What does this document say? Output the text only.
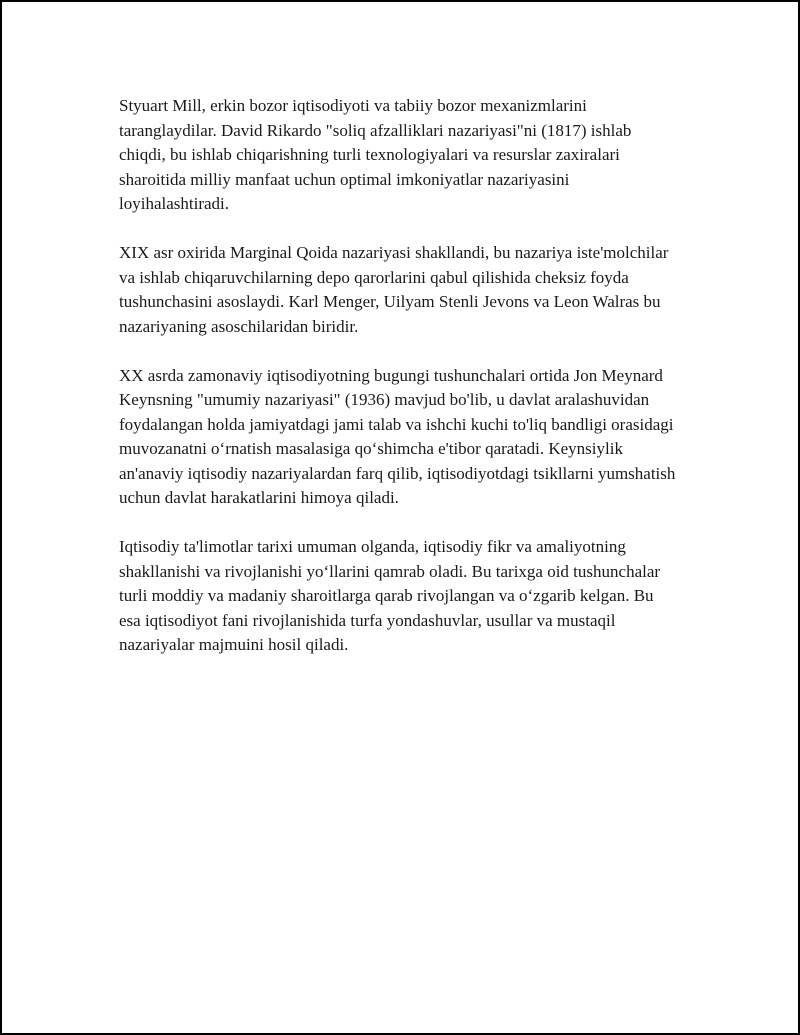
Styuart Mill, erkin bozor iqtisodiyoti va tabiiy bozor mexanizmlarini taranglaydilar. David Rikardo "soliq afzalliklari nazariyasi"ni (1817) ishlab chiqdi, bu ishlab chiqarishning turli texnologiyalari va resurslar zaxiralari sharoitida milliy manfaat uchun optimal imkoniyatlar nazariyasini loyihalashtiradi.

XIX asr oxirida Marginal Qoida nazariyasi shakllandi, bu nazariya iste'molchilar va ishlab chiqaruvchilarning depo qarorlarini qabul qilishida cheksiz foyda tushunchasini asoslaydi. Karl Menger, Uilyam Stenli Jevons va Leon Walras bu nazariyaning asoschilaridan biridir.

XX asrda zamonaviy iqtisodiyotning bugungi tushunchalari ortida Jon Meynard Keynsning "umumiy nazariyasi" (1936) mavjud bo'lib, u davlat aralashuvidan foydalangan holda jamiyatdagi jami talab va ishchi kuchi to'liq bandligi orasidagi muvozanatni o‘rnatish masalasiga qo‘shimcha e'tibor qaratadi. Keynsiylik an'anaviy iqtisodiy nazariyalardan farq qilib, iqtisodiyotdagi tsikllarni yumshatish uchun davlat harakatlarini himoya qiladi.

Iqtisodiy ta'limotlar tarixi umuman olganda, iqtisodiy fikr va amaliyotning shakllanishi va rivojlanishi yo‘llarini qamrab oladi. Bu tarixga oid tushunchalar turli moddiy va madaniy sharoitlarga qarab rivojlangan va o‘zgarib kelgan. Bu esa iqtisodiyot fani rivojlanishida turfa yondashuvlar, usullar va mustaqil nazariyalar majmuini hosil qiladi.
